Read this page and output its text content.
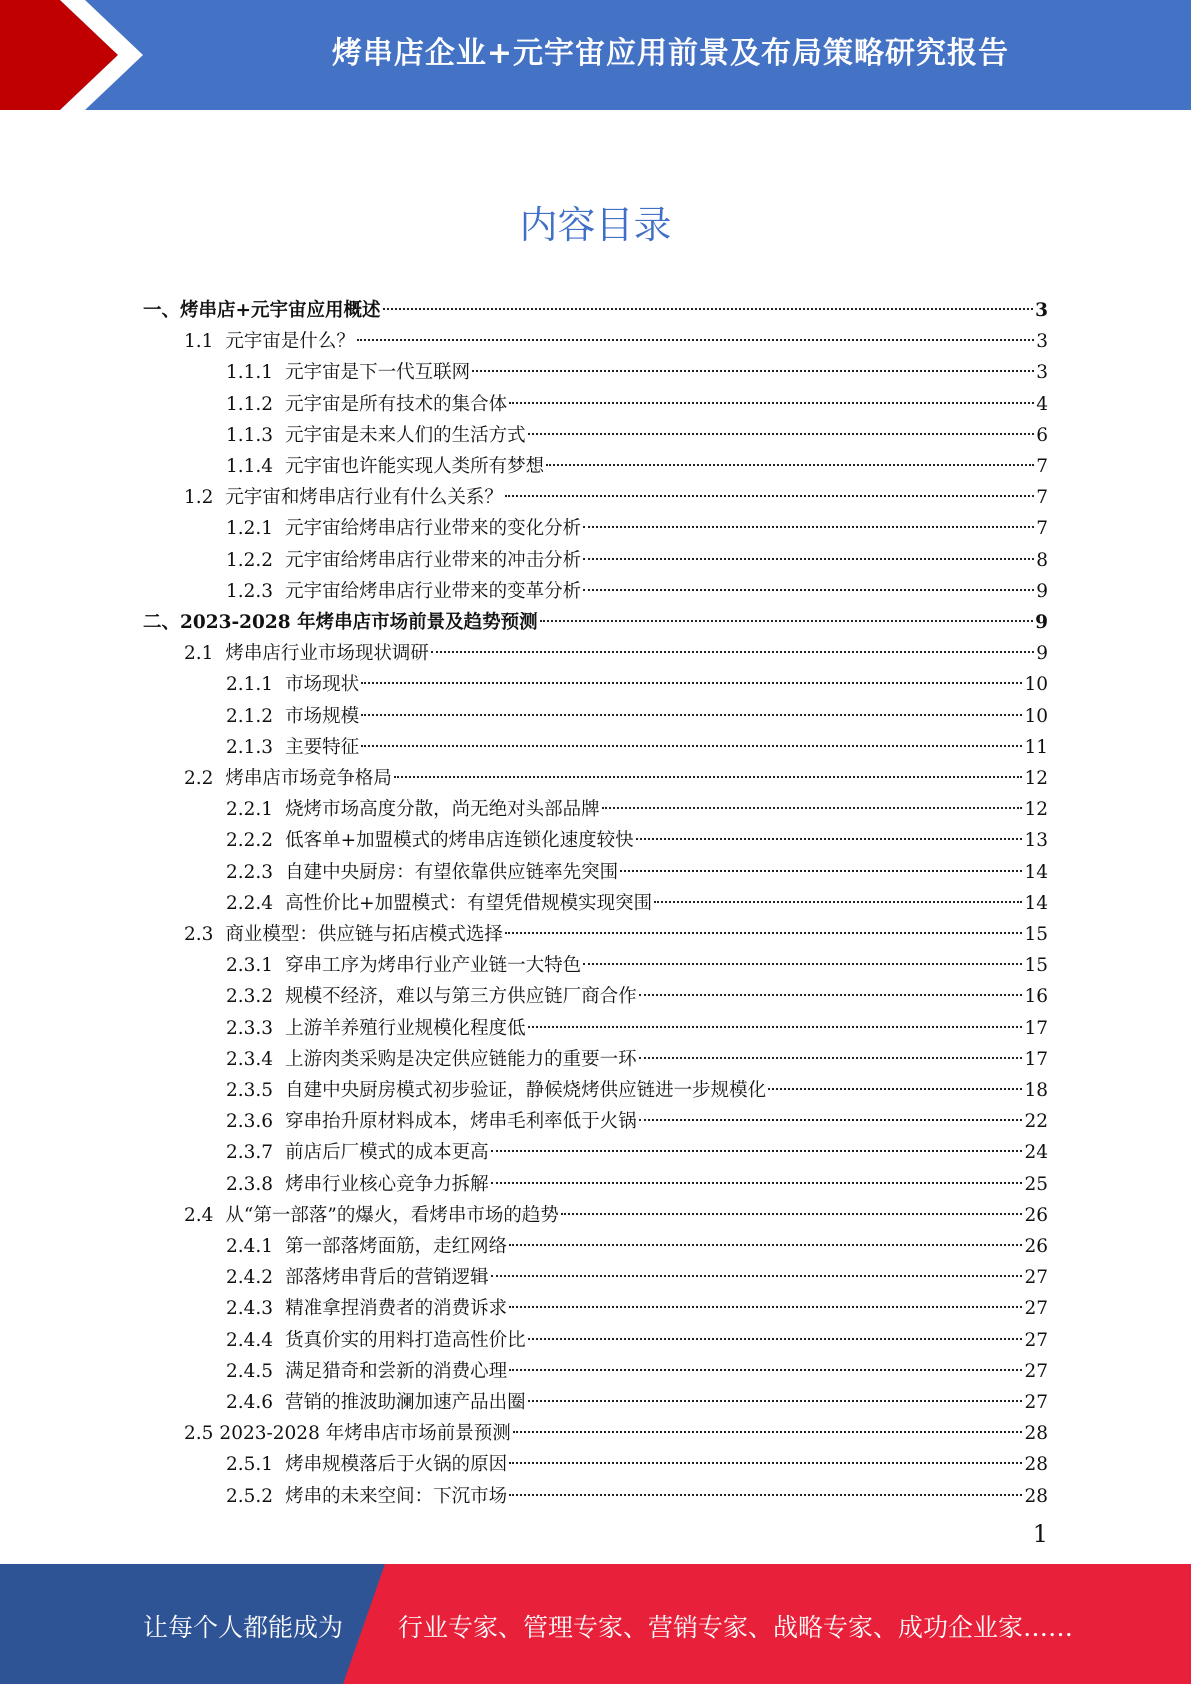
烤串店企业+元宇宙应用前景及布局策略研究报告
内容目录
一、 烤串店+元宇宙应用概述	3
1.1 元宇宙是什么？	3
1.1.1 元宇宙是下一代互联网	3
1.1.2 元宇宙是所有技术的集合体	4
1.1.3 元宇宙是未来人们的生活方式	6
1.1.4 元宇宙也许能实现人类所有梦想	7
1.2 元宇宙和烤串店行业有什么关系？	7
1.2.1 元宇宙给烤串店行业带来的变化分析	7
1.2.2 元宇宙给烤串店行业带来的冲击分析	8
1.2.3 元宇宙给烤串店行业带来的变革分析	9
二、 2023-2028 年烤串店市场前景及趋势预测	9
2.1 烤串店行业市场现状调研	9
2.1.1 市场现状	10
2.1.2 市场规模	10
2.1.3 主要特征	11
2.2 烤串店市场竞争格局	12
2.2.1 烧烤市场高度分散，尚无绝对头部品牌	12
2.2.2 低客单+加盟模式的烤串店连锁化速度较快	13
2.2.3 自建中央厨房：有望依靠供应链率先突围	14
2.2.4 高性价比+加盟模式：有望凭借规模实现突围	14
2.3 商业模型：供应链与拓店模式选择	15
2.3.1 穿串工序为烤串行业产业链一大特色	15
2.3.2 规模不经济，难以与第三方供应链厂商合作	16
2.3.3 上游羊养殖行业规模化程度低	17
2.3.4 上游肉类采购是决定供应链能力的重要一环	17
2.3.5 自建中央厨房模式初步验证，静候烧烤供应链进一步规模化	18
2.3.6 穿串抬升原材料成本，烤串毛利率低于火锅	22
2.3.7 前店后厂模式的成本更高	24
2.3.8 烤串行业核心竞争力拆解	25
2.4 从“第一部落”的爆火，看烤串市场的趋势	26
2.4.1 第一部落烤面筋，走红网络	26
2.4.2 部落烤串背后的营销逻辑	27
2.4.3 精准拿捏消费者的消费诉求	27
2.4.4 货真价实的用料打造高性价比	27
2.4.5 满足猎奇和尝新的消费心理	27
2.4.6 营销的推波助澜加速产品出圈	27
2.5 2023-2028 年烤串店市场前景预测	28
2.5.1 烤串规模落后于火锅的原因	28
2.5.2 烤串的未来空间：下沉市场	28
1
让每个人都能成为 行业专家、管理专家、营销专家、战略专家、成功企业家……
